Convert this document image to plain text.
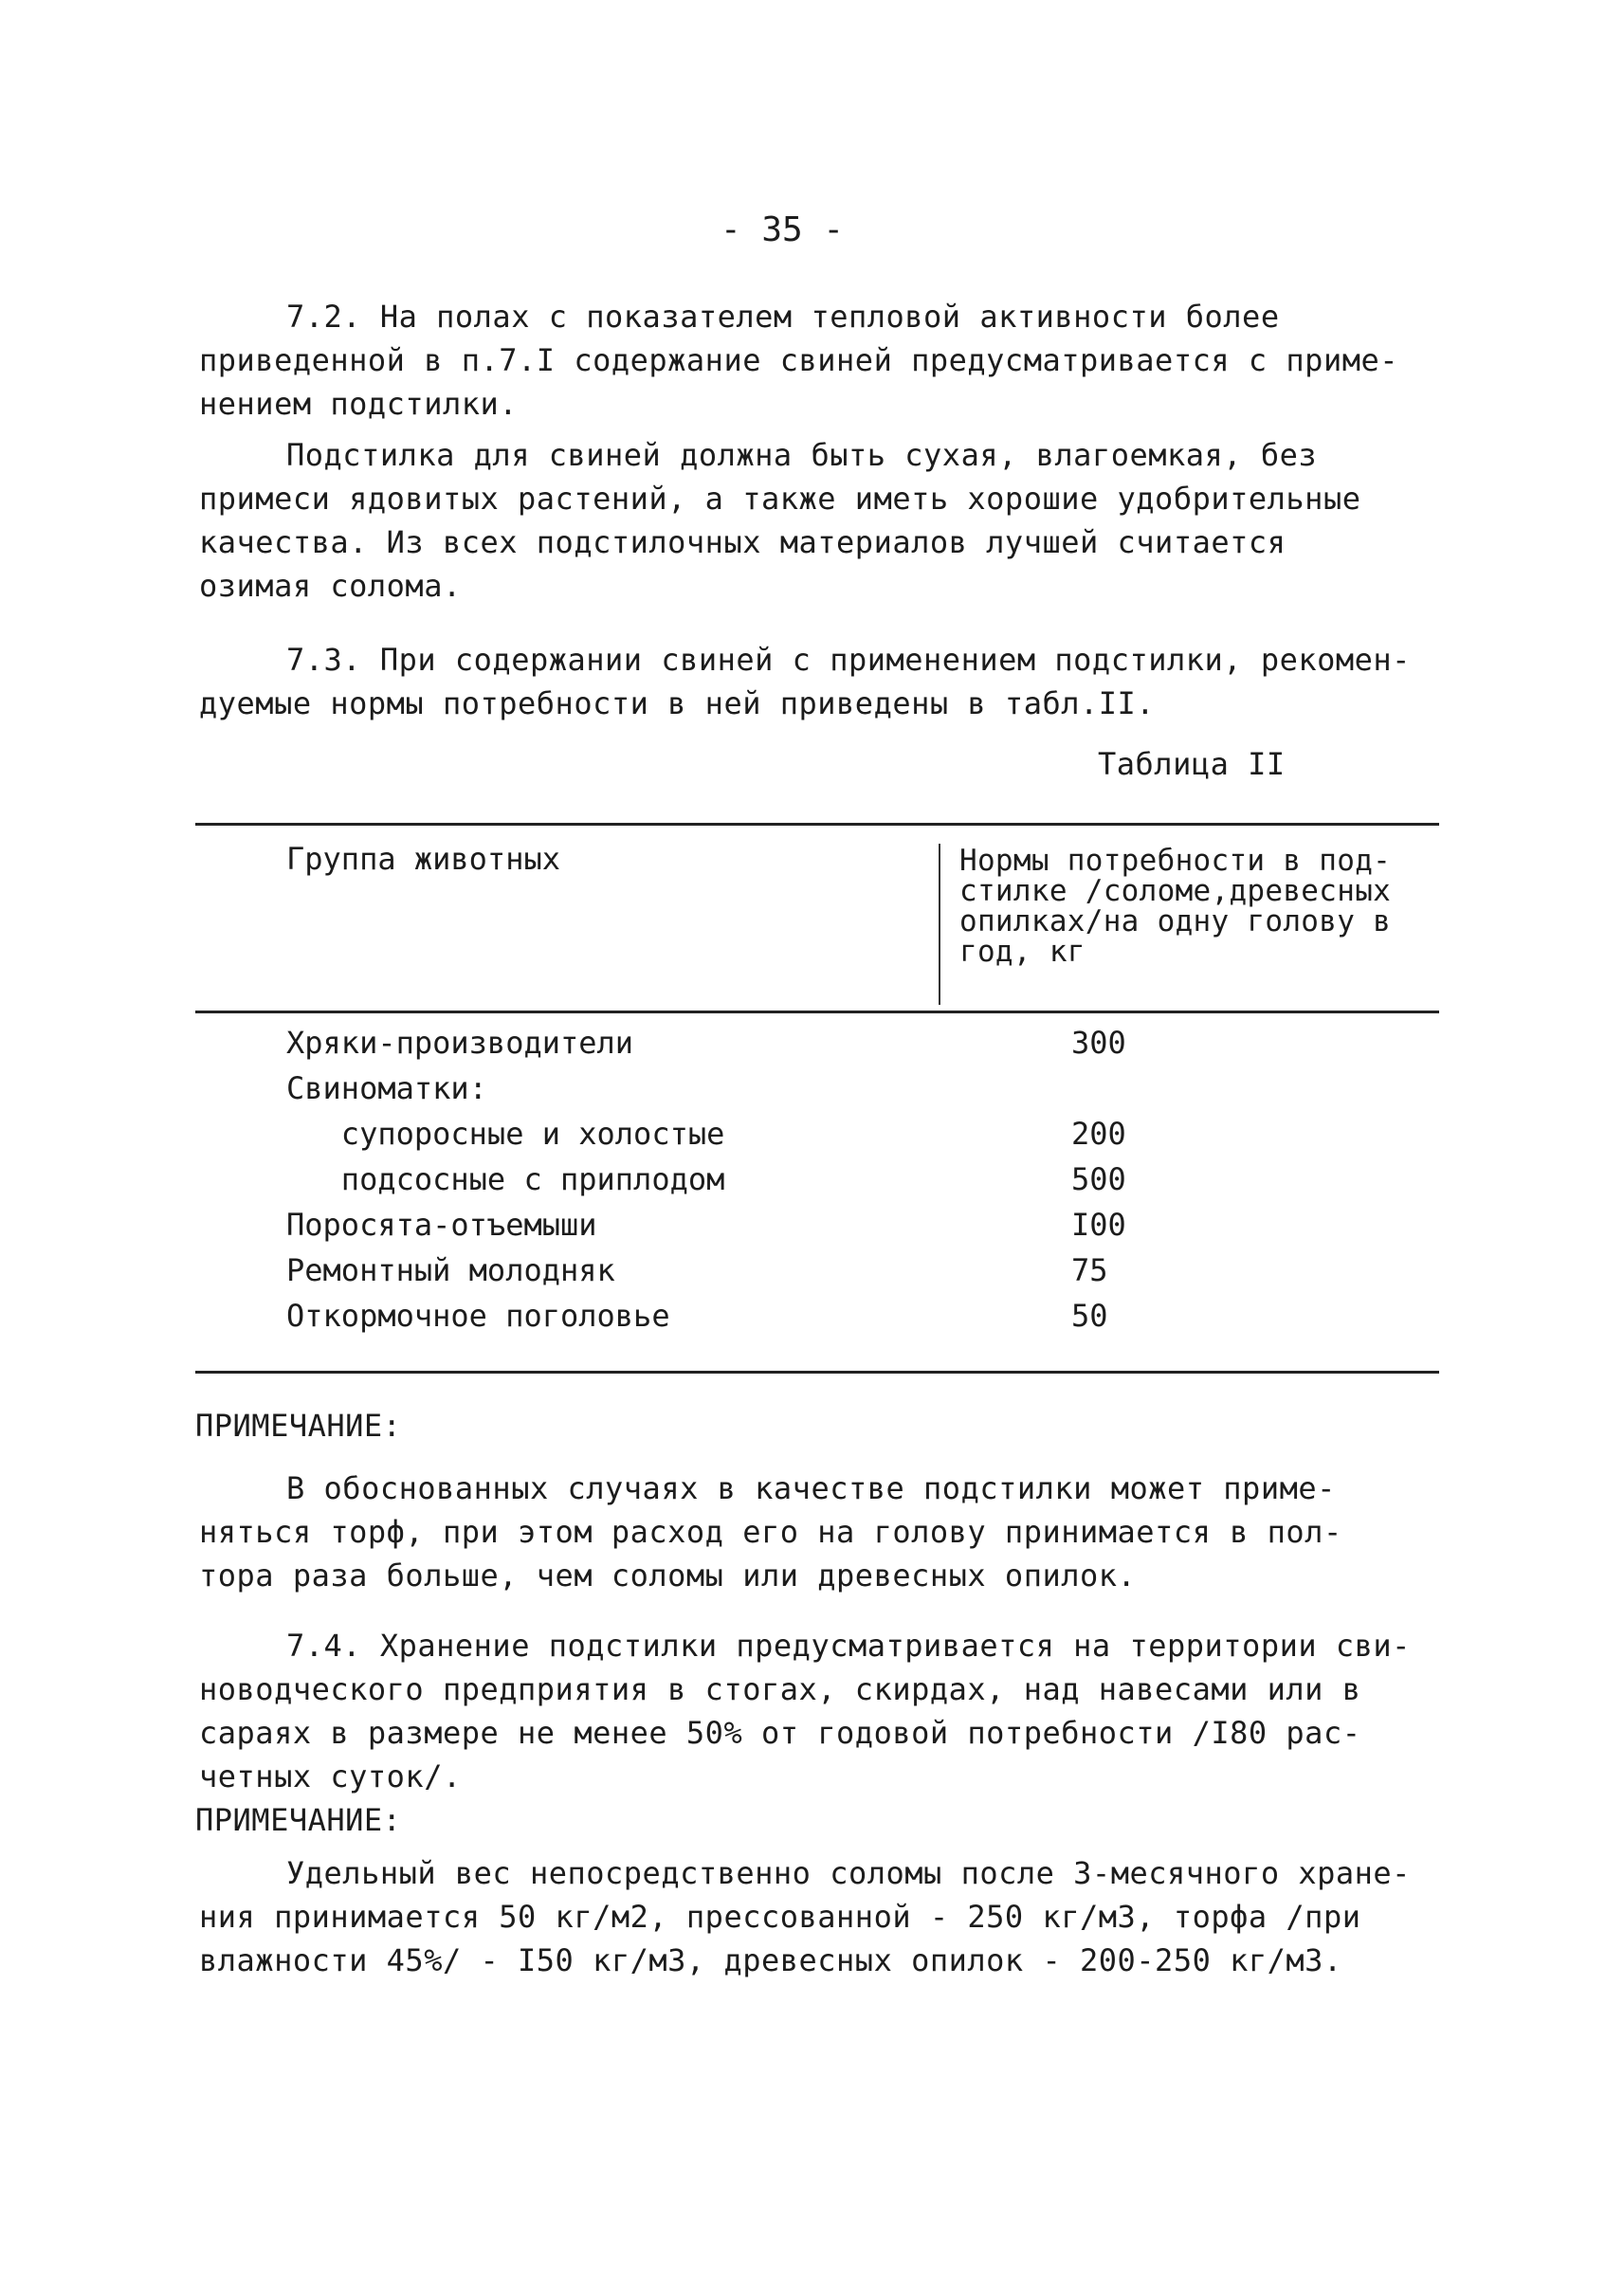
- 35 -
7.2. На полах с показателем тепловой активности более
приведенной в п.7.I содержание свиней предусматривается с приме-
нением подстилки.
Подстилка для свиней должна быть сухая, влагоемкая, без
примеси ядовитых растений, а также иметь хорошие удобрительные
качества. Из всех подстилочных материалов лучшей считается
озимая солома.
7.3. При содержании свиней с применением подстилки, рекомен-
дуемые нормы потребности в ней приведены в табл.II.
Таблица II
Группа животных	Нормы потребности в под-
стилке /соломе,древесных
опилках/на одну голову в
год, кг
Хряки-производители	300
Свиноматки:
супоросные и холостые	200
подсосные с приплодом	500
Поросята-отъемыши	I00
Ремонтный молодняк	75
Откормочное поголовье	50
ПРИМЕЧАНИЕ:
В обоснованных случаях в качестве подстилки может приме-
няться торф, при этом расход его на голову принимается в пол-
тора раза больше, чем соломы или древесных опилок.
7.4. Хранение подстилки предусматривается на территории сви-
новодческого предприятия в стогах, скирдах, над навесами или в
сараях в размере не менее 50% от годовой потребности /I80 рас-
четных суток/.
ПРИМЕЧАНИЕ:
Удельный вес непосредственно соломы после 3-месячного хране-
ния принимается 50 кг/м2, прессованной - 250 кг/м3, торфа /при
влажности 45%/ - I50 кг/м3, древесных опилок - 200-250 кг/м3.
